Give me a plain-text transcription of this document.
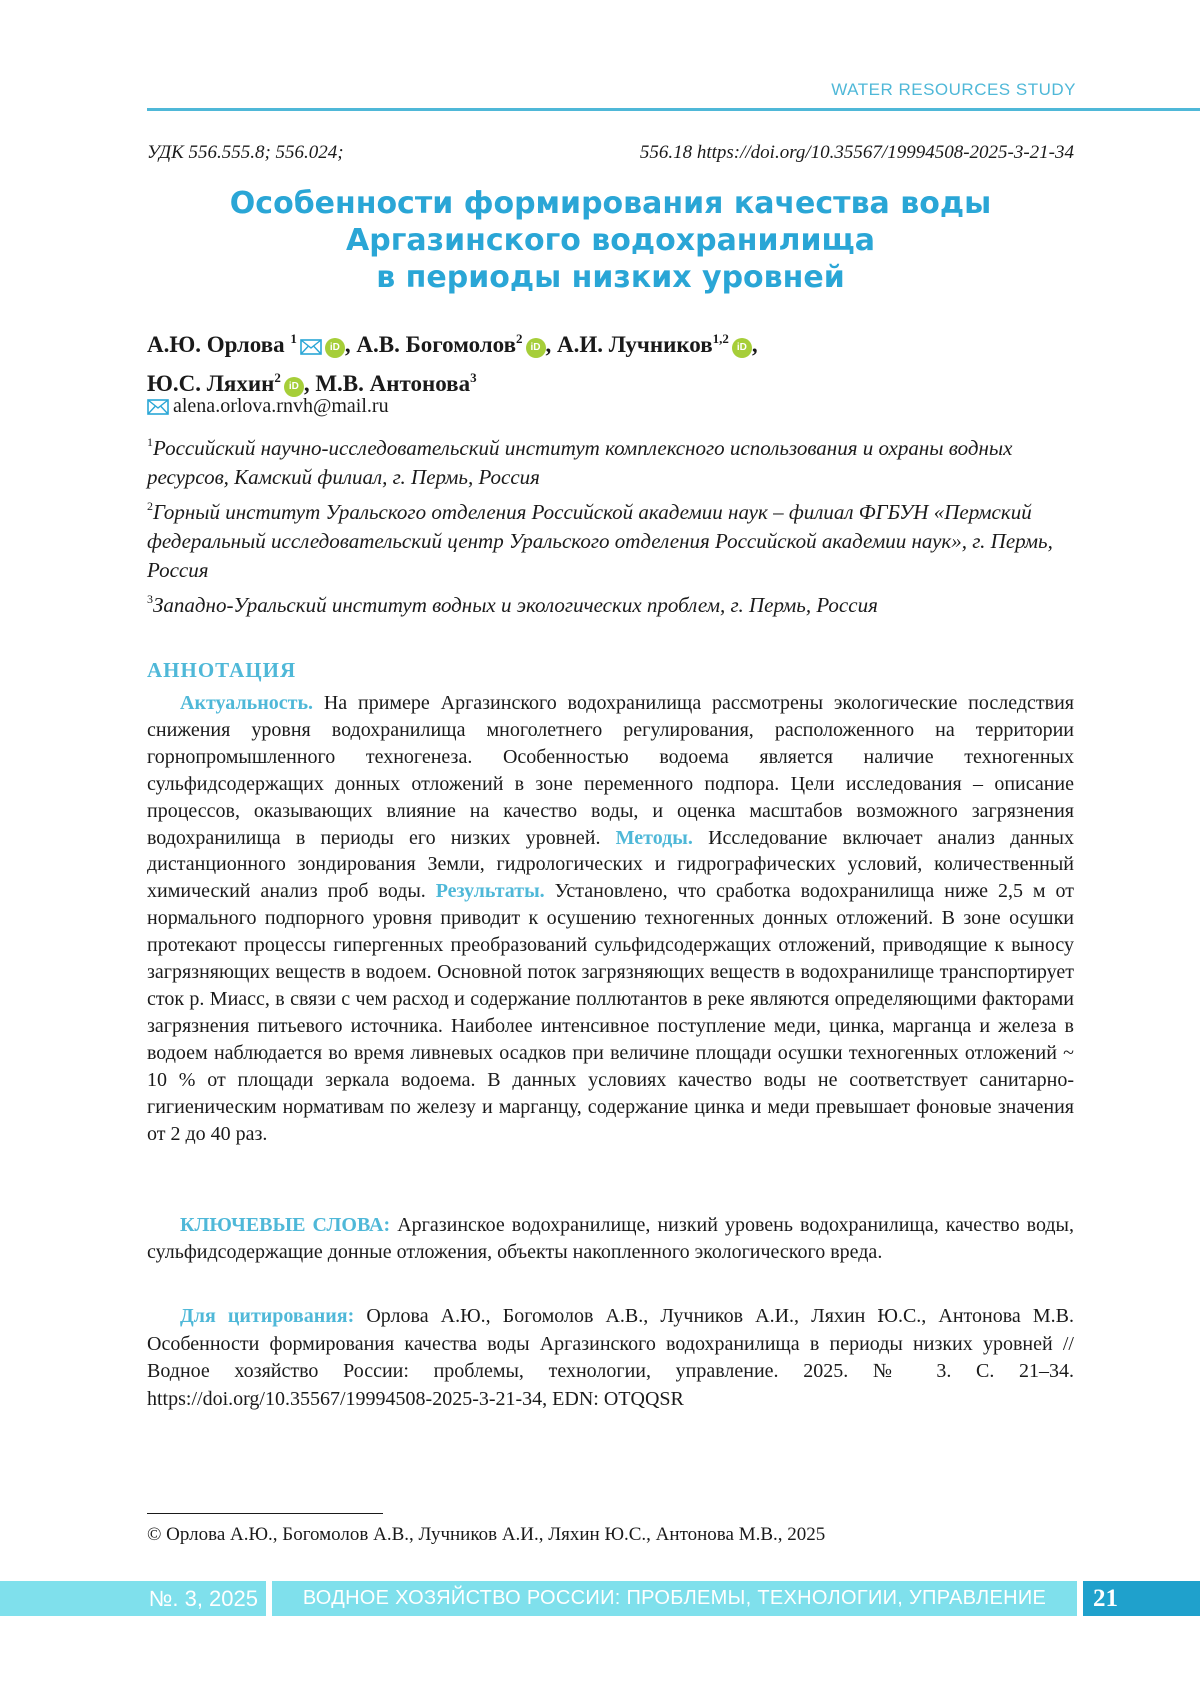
WATER RESOURCES STUDY
УДК 556.555.8; 556.024;	556.18 https://doi.org/10.35567/19994508-2025-3-21-34
Особенности формирования качества воды
Аргазинского водохранилища
в периоды низких уровней
А.Ю. Орлова $^1$iD , А.В. Богомолов$^2$iD , А.И. Лучников$^{1,2}$iD ,
Ю.С. Ляхин$^2$iD , М.В. Антонова$^3$
alena.orlova.rnvh@mail.ru

$^1$Российский научно-исследовательский институт комплексного использования и охраны водных ресурсов, Камский филиал, г. Пермь, Россия

$^2$Горный институт Уральского отделения Российской академии наук – филиал ФГБУН «Пермский федеральный исследовательский центр Уральского отделения Российской академии наук», г. Пермь, Россия

$^3$Западно-Уральский институт водных и экологических проблем, г. Пермь, Россия

АННОТАЦИЯ

Актуальность. На примере Аргазинского водохранилища рассмотрены экологические последствия снижения уровня водохранилища многолетнего регулирования, расположенного на территории горнопромышленного техногенеза. Особенностью водоема является наличие техногенных сульфидсодержащих донных отложений в зоне переменного подпора. Цели исследования – описание процессов, оказывающих влияние на качество воды, и оценка масштабов возможного загрязнения водохранилища в периоды его низких уровней. Методы. Исследование включает анализ данных дистанционного зондирования Земли, гидрологических и гидрографических условий, количественный химический анализ проб воды. Результаты. Установлено, что сработка водохранилища ниже 2,5 м от нормального подпорного уровня приводит к осушению техногенных донных отложений. В зоне осушки протекают процессы гипергенных преобразований сульфидсодержащих отложений, приводящие к выносу загрязняющих веществ в водоем. Основной поток загрязняющих веществ в водохранилище транспортирует сток р. Миасс, в связи с чем расход и содержание поллютантов в реке являются определяющими факторами загрязнения питьевого источника. Наиболее интенсивное поступление меди, цинка, марганца и железа в водоем наблюдается во время ливневых осадков при величине площади осушки техногенных отложений ~ 10 % от площади зеркала водоема. В данных условиях качество воды не соответствует санитарно-гигиеническим нормативам по железу и марганцу, содержание цинка и меди превышает фоновые значения от 2 до 40 раз.

КЛЮЧЕВЫЕ СЛОВА: Аргазинское водохранилище, низкий уровень водохранилища, качество воды, сульфидсодержащие донные отложения, объекты накопленного экологического вреда.

Для цитирования: Орлова А.Ю., Богомолов А.В., Лучников А.И., Ляхин Ю.С., Антонова М.В. Особенности формирования качества воды Аргазинского водохранилища в периоды низких уровней // Водное хозяйство России: проблемы, технологии, управление. 2025. № 3. С. 21–34. https://doi.org/10.35567/19994508-2025-3-21-34, EDN: OTQQSR

© Орлова А.Ю., Богомолов А.В., Лучников А.И., Ляхин Ю.С., Антонова М.В., 2025
№. 3, 2025	ВОДНОЕ ХОЗЯЙСТВО РОССИИ: ПРОБЛЕМЫ, ТЕХНОЛОГИИ, УПРАВЛЕНИЕ	21
